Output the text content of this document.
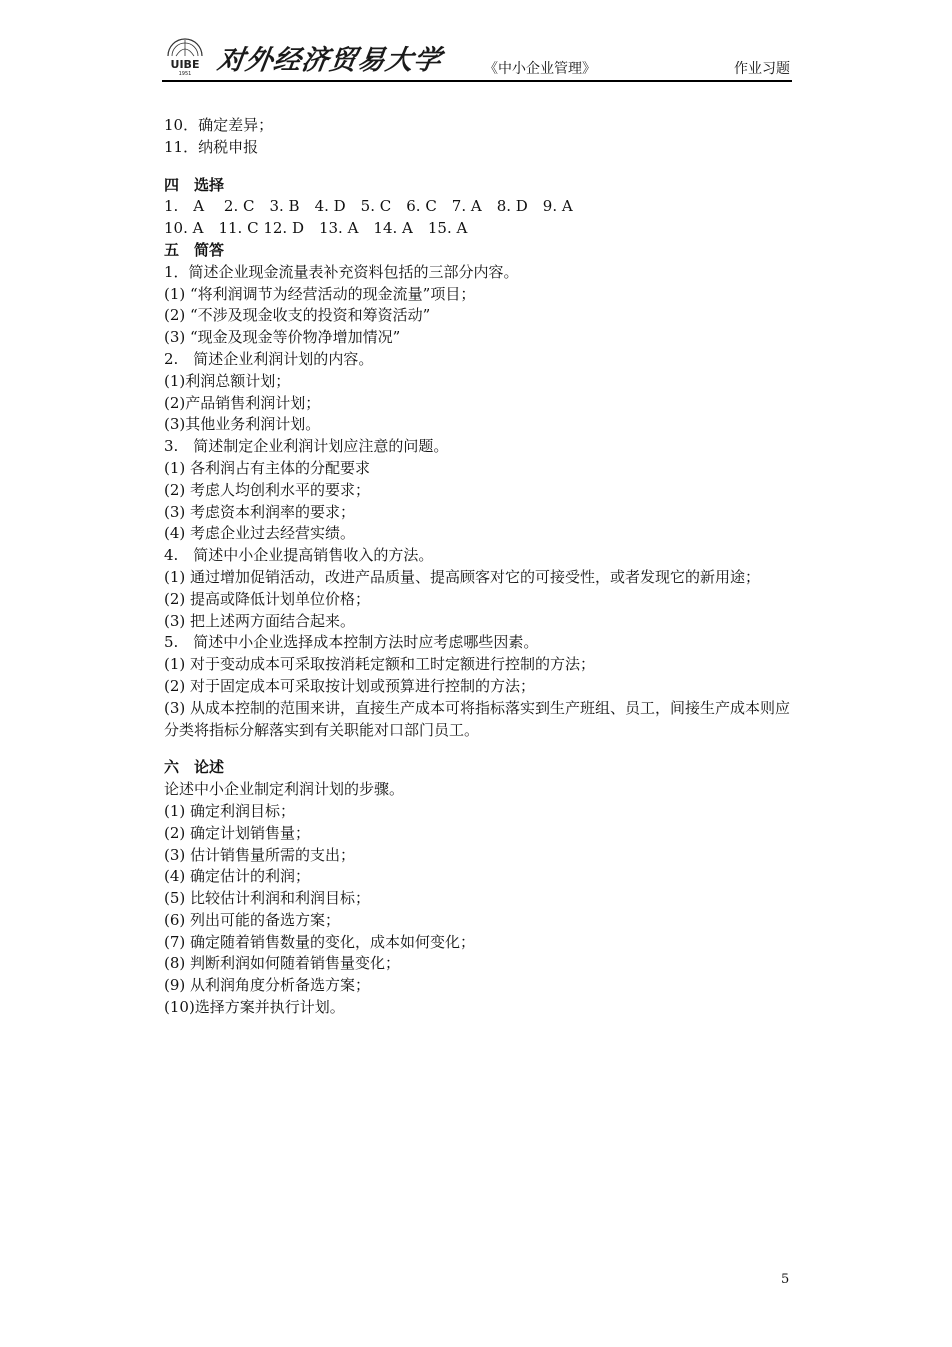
UIBE
1951 对外经济贸易大学	《中小企业管理》	作业习题
10．确定差异；
11．纳税申报
四　选择
1.　A　 2. C　3. B　4. D　5. C　6. C　7. A　8. D　9. A
10. A　11. C 12. D　13. A　14. A　15. A
五　简答
1．简述企业现金流量表补充资料包括的三部分内容。
(1) “将利润调节为经营活动的现金流量”项目；
(2) “不涉及现金收支的投资和筹资活动”
(3) “现金及现金等价物净增加情况”
2.　简述企业利润计划的内容。
(1)利润总额计划；
(2)产品销售利润计划；
(3)其他业务利润计划。
3.　简述制定企业利润计划应注意的问题。
(1) 各利润占有主体的分配要求
(2) 考虑人均创利水平的要求；
(3) 考虑资本利润率的要求；
(4) 考虑企业过去经营实绩。
4.　简述中小企业提高销售收入的方法。
(1) 通过增加促销活动，改进产品质量、提高顾客对它的可接受性，或者发现它的新用途；
(2) 提高或降低计划单位价格；
(3) 把上述两方面结合起来。
5.　简述中小企业选择成本控制方法时应考虑哪些因素。
(1) 对于变动成本可采取按消耗定额和工时定额进行控制的方法；
(2) 对于固定成本可采取按计划或预算进行控制的方法；
(3) 从成本控制的范围来讲，直接生产成本可将指标落实到生产班组、员工，间接生产成本则应分类将指标分解落实到有关职能对口部门员工。
六　论述
论述中小企业制定利润计划的步骤。
(1) 确定利润目标；
(2) 确定计划销售量；
(3) 估计销售量所需的支出；
(4) 确定估计的利润；
(5) 比较估计利润和利润目标；
(6) 列出可能的备选方案；
(7) 确定随着销售数量的变化，成本如何变化；
(8) 判断利润如何随着销售量变化；
(9) 从利润角度分析备选方案；
(10)选择方案并执行计划。
5
